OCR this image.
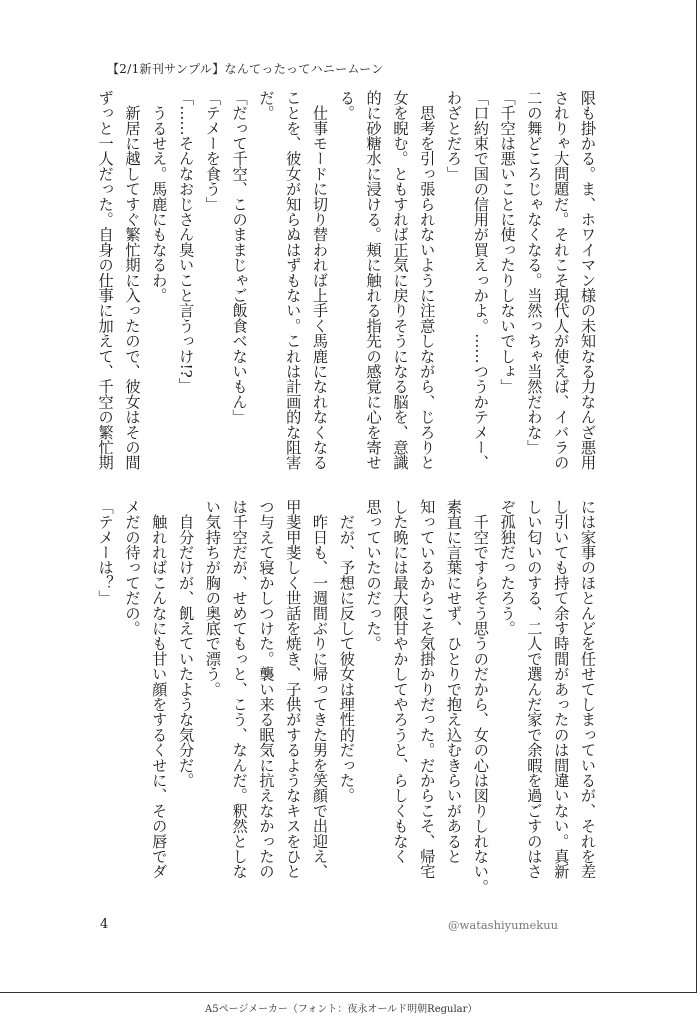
【2/1新刊サンプル】なんてったってハニームーン
限も掛かる。ま、ホワイマン様の未知なる力なんざ悪用
されりゃ大問題だ。それこそ現代人が使えば、イバラの
二の舞どころじゃなくなる。当然っちゃ当然だわな」
「千空は悪いことに使ったりしないでしょ」
「口約束で国の信用が買えっかよ。……つうかテメー、
わざとだろ」
　思考を引っ張られないように注意しながら、じろりと
女を睨む。ともすれば正気に戻りそうになる脳を、意識
的に砂糖水に浸ける。頬に触れる指先の感覚に心を寄せ
る。
　仕事モードに切り替われば上手く馬鹿になれなくなる
ことを、彼女が知らぬはずもない。これは計画的な阻害
だ。
「だって千空、このままじゃご飯食べないもん」
「テメーを食う」
「……そんなおじさん臭いこと言うっけ!?」
　うるせえ。馬鹿にもなるわ。
　新居に越してすぐ繁忙期に入ったので、彼女はその間
ずっと一人だった。自身の仕事に加えて、千空の繁忙期
には家事のほとんどを任せてしまっているが、それを差
し引いても持て余す時間があったのは間違いない。真新
しい匂いのする、二人で選んだ家で余暇を過ごすのはさ
ぞ孤独だったろう。
　千空ですらそう思うのだから、女の心は図りしれない。
素直に言葉にせず、ひとりで抱え込むきらいがあると
知っているからこそ気掛かりだった。だからこそ、帰宅
した晩には最大限甘やかしてやろうと、らしくもなく
思っていたのだった。
　だが、予想に反して彼女は理性的だった。
　昨日も、一週間ぶりに帰ってきた男を笑顔で出迎え、
甲斐甲斐しく世話を焼き、子供がするようなキスをひと
つ与えて寝かしつけた。襲い来る眠気に抗えなかったの
は千空だが、せめてもっと、こう、なんだ。釈然としな
い気持ちが胸の奥底で漂う。
　自分だけが、飢えていたような気分だ。
　触れればこんなにも甘い顔をするくせに、その唇でダ
メだの待ってだの。
「テメーは？」
4	@watashiyumekuu
A5ページメーカー（フォント：夜永オールド明朝Regular）
